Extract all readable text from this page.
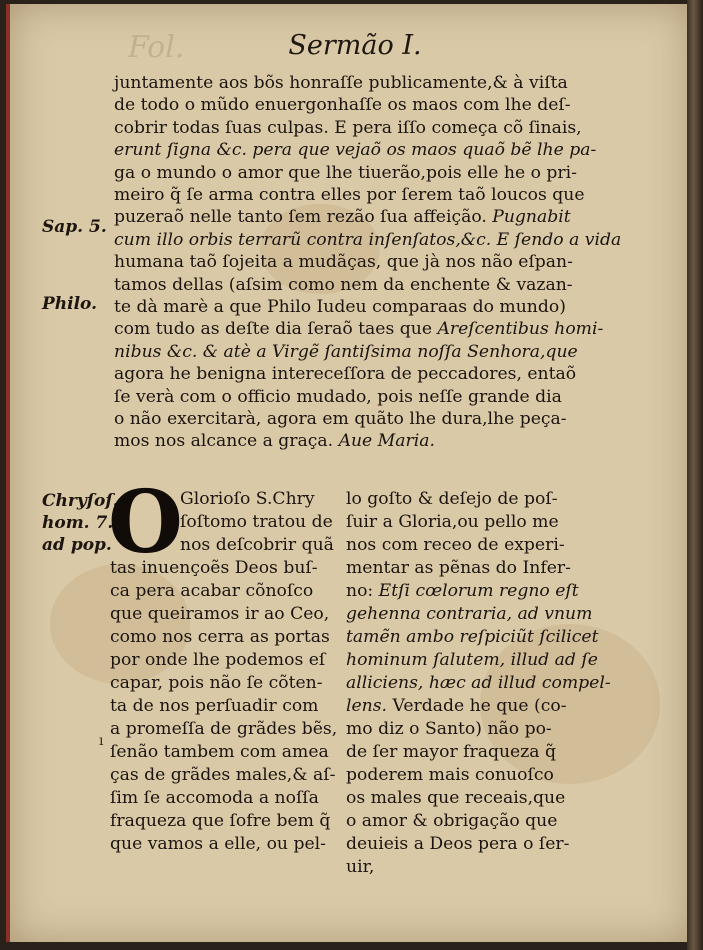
Fol.	Sermão I.

juntamente aos bõs honraſſe publicamente,& à viſta

de todo o mũdo enuergonhaſſe os maos com lhe deſ-

cobrir todas ſuas culpas. E pera iſſo começa cõ ſinais,

erunt ſigna &c. pera que vejaõ os maos quaõ bẽ lhe pa-

ga o mundo o amor que lhe tiuerão,pois elle he o pri-

meiro q̃ ſe arma contra elles por ſerem taõ loucos que

puzeraõ nelle tanto ſem rezão ſua affeição. Pugnabit

cum illo orbis terrarũ contra inſenſatos,&c. E ſendo a vida

humana taõ ſojeita a mudãças, que jà nos não eſpan-

tamos dellas (aſsim como nem da enchente & vazan-

te dà marè a que Philo Iudeu comparaas do mundo)

com tudo as deſte dia ſeraõ taes que Areſcentibus homi-

nibus &c. & atè a Virgẽ ſantiſsima noſſa Senhora,que

agora he benigna intereceſſora de peccadores, entaõ

ſe verà com o officio mudado, pois neſſe grande dia

o não exercitarà, agora em quãto lhe dura,lhe peça-

mos nos alcance a graça. Aue Maria.

Sap. 5.
Philo.
Chryſoſ.
hom. 7.
ad pop.
O
ı

Glorioſo S.Chry

ſoſtomo tratou de

nos deſcobrir quã

tas inuençoẽs Deos buſ-

ca pera acabar cõnoſco

que queiramos ir ao Ceo,

como nos cerra as portas

por onde lhe podemos eſ

capar, pois não ſe cõten-

ta de nos perſuadir com

a promeſſa de grãdes bẽs,

ſenão tambem com amea

ças de grãdes males,& aſ-

ſim ſe accomoda a noſſa

fraqueza que ſofre bem q̃

que vamos a elle, ou pel-

lo goſto & deſejo de poſ-

ſuir a Gloria,ou pello me

nos com receo de experi-

mentar as pẽnas do Infer-

no: Etſi cœlorum regno eſt

gehenna contraria, ad vnum

tamẽn ambo reſpiciũt ſcilicet

hominum ſalutem, illud ad ſe

alliciens, hæc ad illud compel-

lens. Verdade he que (co-

mo diz o Santo) não po-

de ſer mayor fraqueza q̃

poderem mais conuoſco

os males que receais,que

o amor & obrigação que

deuieis a Deos pera o ſer-

uir,
